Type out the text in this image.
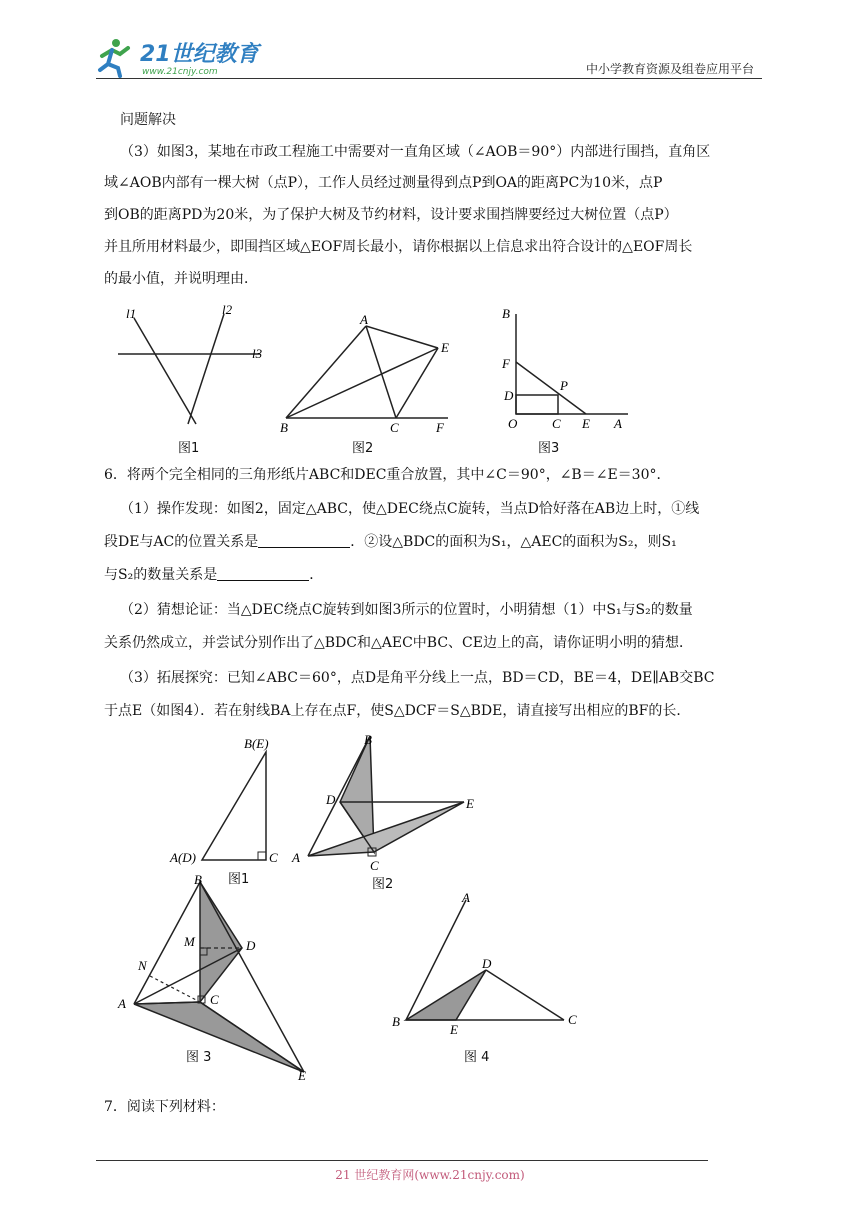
21世纪教育
www.21cnjy.com	中小学教育资源及组卷应用平台
问题解决
（3）如图3，某地在市政工程施工中需要对一直角区域（∠AOB＝90°）内部进行围挡，直角区
域∠AOB内部有一棵大树（点P），工作人员经过测量得到点P到OA的距离PC为10米，点P
到OB的距离PD为20米，为了保护大树及节约材料，设计要求围挡牌要经过大树位置（点P）
并且所用材料最少，即围挡区域△EOF周长最小，请你根据以上信息求出符合设计的△EOF周长
的最小值，并说明理由．
l1	l2
l3
图1
A
E
B	C	F
图2
B
F
P
D
O	C E A
图3
6．将两个完全相同的三角形纸片ABC和DEC重合放置，其中∠C＝90°，∠B＝∠E＝30°．
（1）操作发现：如图2，固定△ABC，使△DEC绕点C旋转，当点D恰好落在AB边上时，①线
段DE与AC的位置关系是	．②设△BDC的面积为S₁，△AEC的面积为S₂，则S₁
与S₂的数量关系是	．
（2）猜想论证：当△DEC绕点C旋转到如图3所示的位置时，小明猜想（1）中S₁与S₂的数量
关系仍然成立，并尝试分别作出了△BDC和△AEC中BC、CE边上的高，请你证明小明的猜想．
（3）拓展探究：已知∠ABC＝60°，点D是角平分线上一点，BD＝CD，BE＝4，DE∥AB交BC
于点E（如图4）．若在射线BA上存在点F，使S△DCF＝S△BDE，请直接写出相应的BF的长．
B(E)
A(D)	C
图1
B
D	E
A
C
图2
B
M	D
N
A	C
E
图 3
A
D
B
E
C
图 4
7．阅读下列材料：
21 世纪教育网(www.21cnjy.com)
